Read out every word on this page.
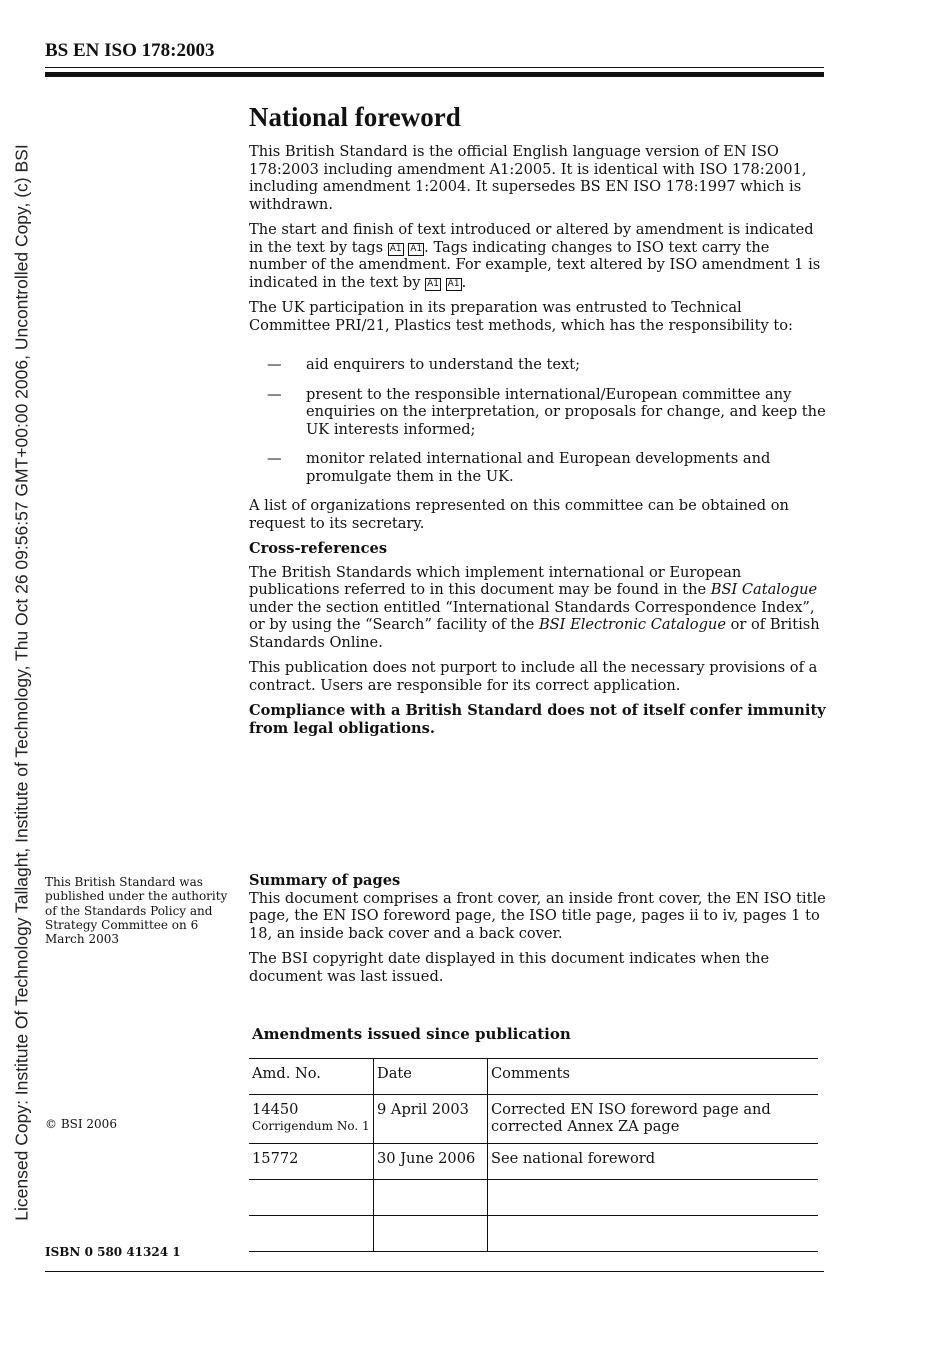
Licensed Copy: Institute Of Technology Tallaght, Institute of Technology, Thu Oct 26 09:56:57 GMT+00:00 2006, Uncontrolled Copy, (c) BSI
BS EN ISO 178:2003
National foreword

This British Standard is the official English language version of EN ISO 178:2003 including amendment A1:2005. It is identical with ISO 178:2001, including amendment 1:2004. It supersedes BS EN ISO 178:1997 which is withdrawn.

The start and finish of text introduced or altered by amendment is indicated in the text by tags A1 A1 . Tags indicating changes to ISO text carry the number of the amendment. For example, text altered by ISO amendment 1 is indicated in the text by A1 A1 .

The UK participation in its preparation was entrusted to Technical Committee PRI/21, Plastics test methods, which has the responsibility to:

— aid enquirers to understand the text;
— present to the responsible international/European committee any enquiries on the interpretation, or proposals for change, and keep the UK interests informed;
— monitor related international and European developments and promulgate them in the UK.

A list of organizations represented on this committee can be obtained on request to its secretary.

Cross-references

The British Standards which implement international or European publications referred to in this document may be found in the BSI Catalogue under the section entitled “International Standards Correspondence Index”, or by using the “Search” facility of the BSI Electronic Catalogue or of British Standards Online.

This publication does not purport to include all the necessary provisions of a contract. Users are responsible for its correct application.

Compliance with a British Standard does not of itself confer immunity from legal obligations.

This British Standard was published under the authority of the Standards Policy and Strategy Committee on 6 March 2003
Summary of pages

This document comprises a front cover, an inside front cover, the EN ISO title page, the EN ISO foreword page, the ISO title page, pages ii to iv, pages 1 to 18, an inside back cover and a back cover.

The BSI copyright date displayed in this document indicates when the document was last issued.

Amendments issued since publication
Amd. No.	Date	Comments

14450
Corrigendum No. 1	9 April 2003	Corrected EN ISO foreword page and corrected Annex ZA page
15772	30 June 2006	See national foreword

© BSI 2006
ISBN 0 580 41324 1
